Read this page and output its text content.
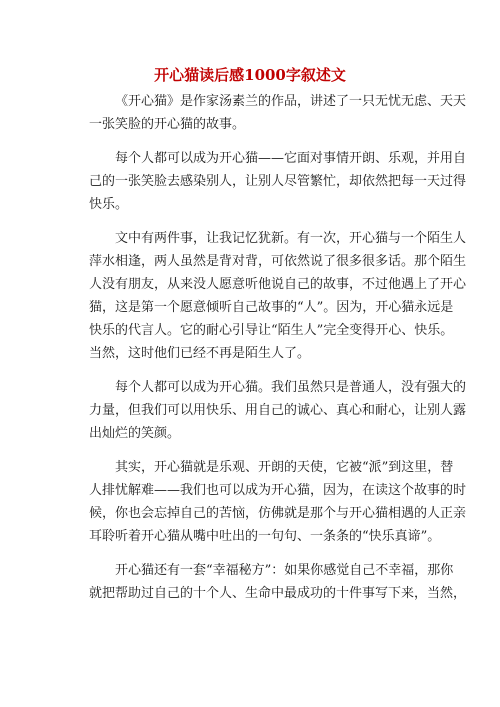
开心猫读后感1000字叙述文
《开心猫》是作家汤素兰的作品，讲述了一只无忧无虑、天天
一张笑脸的开心猫的故事。
每个人都可以成为开心猫——它面对事情开朗、乐观，并用自
己的一张笑脸去感染别人，让别人尽管繁忙，却依然把每一天过得
快乐。
文中有两件事，让我记忆犹新。有一次，开心猫与一个陌生人
萍水相逢，两人虽然是背对背，可依然说了很多很多话。那个陌生
人没有朋友，从来没人愿意听他说自己的故事，不过他遇上了开心
猫，这是第一个愿意倾听自己故事的“人”。因为，开心猫永远是
快乐的代言人。它的耐心引导让“陌生人”完全变得开心、快乐。
当然，这时他们已经不再是陌生人了。
每个人都可以成为开心猫。我们虽然只是普通人，没有强大的
力量，但我们可以用快乐、用自己的诚心、真心和耐心，让别人露
出灿烂的笑颜。
其实，开心猫就是乐观、开朗的天使，它被“派”到这里，替
人排忧解难——我们也可以成为开心猫，因为，在读这个故事的时
候，你也会忘掉自己的苦恼，仿佛就是那个与开心猫相遇的人正亲
耳聆听着开心猫从嘴中吐出的一句句、一条条的“快乐真谛”。
开心猫还有一套“幸福秘方”：如果你感觉自己不幸福，那你
就把帮助过自己的十个人、生命中最成功的十件事写下来，当然，
